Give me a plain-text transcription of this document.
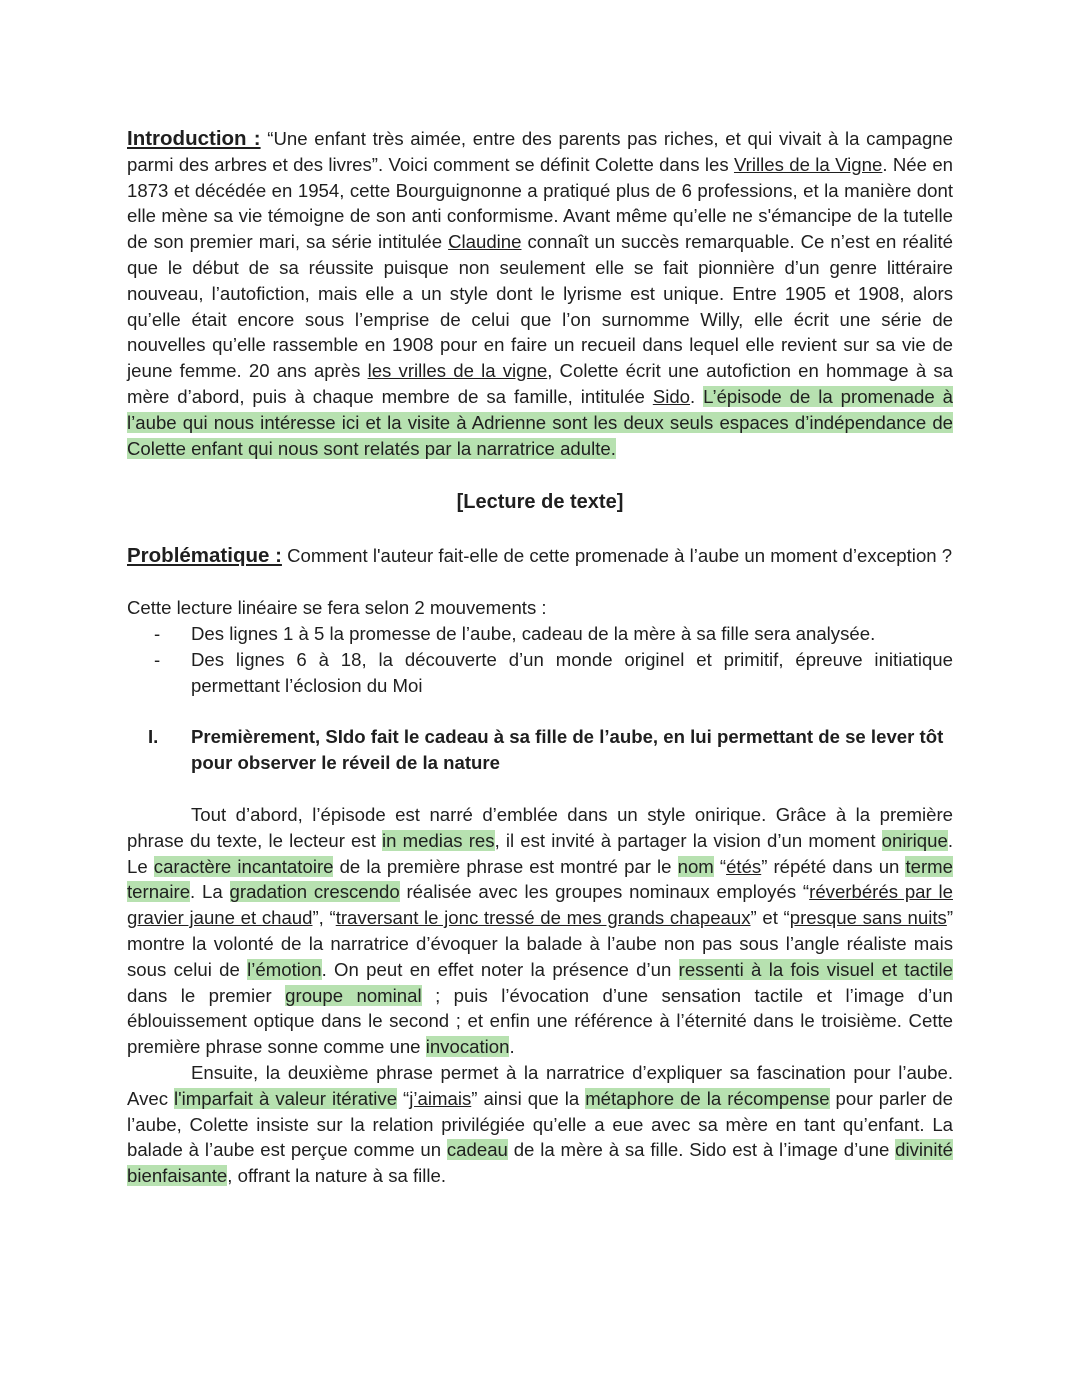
Introduction : “Une enfant très aimée, entre des parents pas riches, et qui vivait à la campagne parmi des arbres et des livres”. Voici comment se définit Colette dans les Vrilles de la Vigne. Née en 1873 et décédée en 1954, cette Bourguignonne a pratiqué plus de 6 professions, et la manière dont elle mène sa vie témoigne de son anti conformisme. Avant même qu’elle ne s'émancipe de la tutelle de son premier mari, sa série intitulée Claudine connaît un succès remarquable. Ce n’est en réalité que le début de sa réussite puisque non seulement elle se fait pionnière d’un genre littéraire nouveau, l’autofiction, mais elle a un style dont le lyrisme est unique. Entre 1905 et 1908, alors qu’elle était encore sous l’emprise de celui que l’on surnomme Willy, elle écrit une série de nouvelles qu’elle rassemble en 1908 pour en faire un recueil dans lequel elle revient sur sa vie de jeune femme. 20 ans après les vrilles de la vigne, Colette écrit une autofiction en hommage à sa mère d’abord, puis à chaque membre de sa famille, intitulée Sido. L’épisode de la promenade à l’aube qui nous intéresse ici et la visite à Adrienne sont les deux seuls espaces d’indépendance de Colette enfant qui nous sont relatés par la narratrice adulte.

[Lecture de texte]

Problématique : Comment l'auteur fait-elle de cette promenade à l’aube un moment d’exception ?

Cette lecture linéaire se fera selon 2 mouvements :

- Des lignes 1 à 5 la promesse de l’aube, cadeau de la mère à sa fille sera analysée.
- Des lignes 6 à 18, la découverte d’un monde originel et primitif, épreuve initiatique permettant l’éclosion du Moi
I. Premièrement, SIdo fait le cadeau à sa fille de l’aube, en lui permettant de se lever tôt pour observer le réveil de la nature

Tout d’abord, l’épisode est narré d’emblée dans un style onirique. Grâce à la première phrase du texte, le lecteur est in medias res, il est invité à partager la vision d’un moment onirique. Le caractère incantatoire de la première phrase est montré par le nom “étés” répété dans un terme ternaire. La gradation crescendo réalisée avec les groupes nominaux employés “réverbérés par le gravier jaune et chaud”, “traversant le jonc tressé de mes grands chapeaux” et “presque sans nuits” montre la volonté de la narratrice d’évoquer la balade à l’aube non pas sous l’angle réaliste mais sous celui de l’émotion. On peut en effet noter la présence d’un ressenti à la fois visuel et tactile dans le premier groupe nominal ; puis l’évocation d’une sensation tactile et l’image d’un éblouissement optique dans le second ; et enfin une référence à l’éternité dans le troisième. Cette première phrase sonne comme une invocation.

Ensuite, la deuxième phrase permet à la narratrice d’expliquer sa fascination pour l’aube. Avec l'imparfait à valeur itérative “j’aimais” ainsi que la métaphore de la récompense pour parler de l’aube, Colette insiste sur la relation privilégiée qu’elle a eue avec sa mère en tant qu’enfant. La balade à l’aube est perçue comme un cadeau de la mère à sa fille. Sido est à l’image d’une divinité bienfaisante, offrant la nature à sa fille.
